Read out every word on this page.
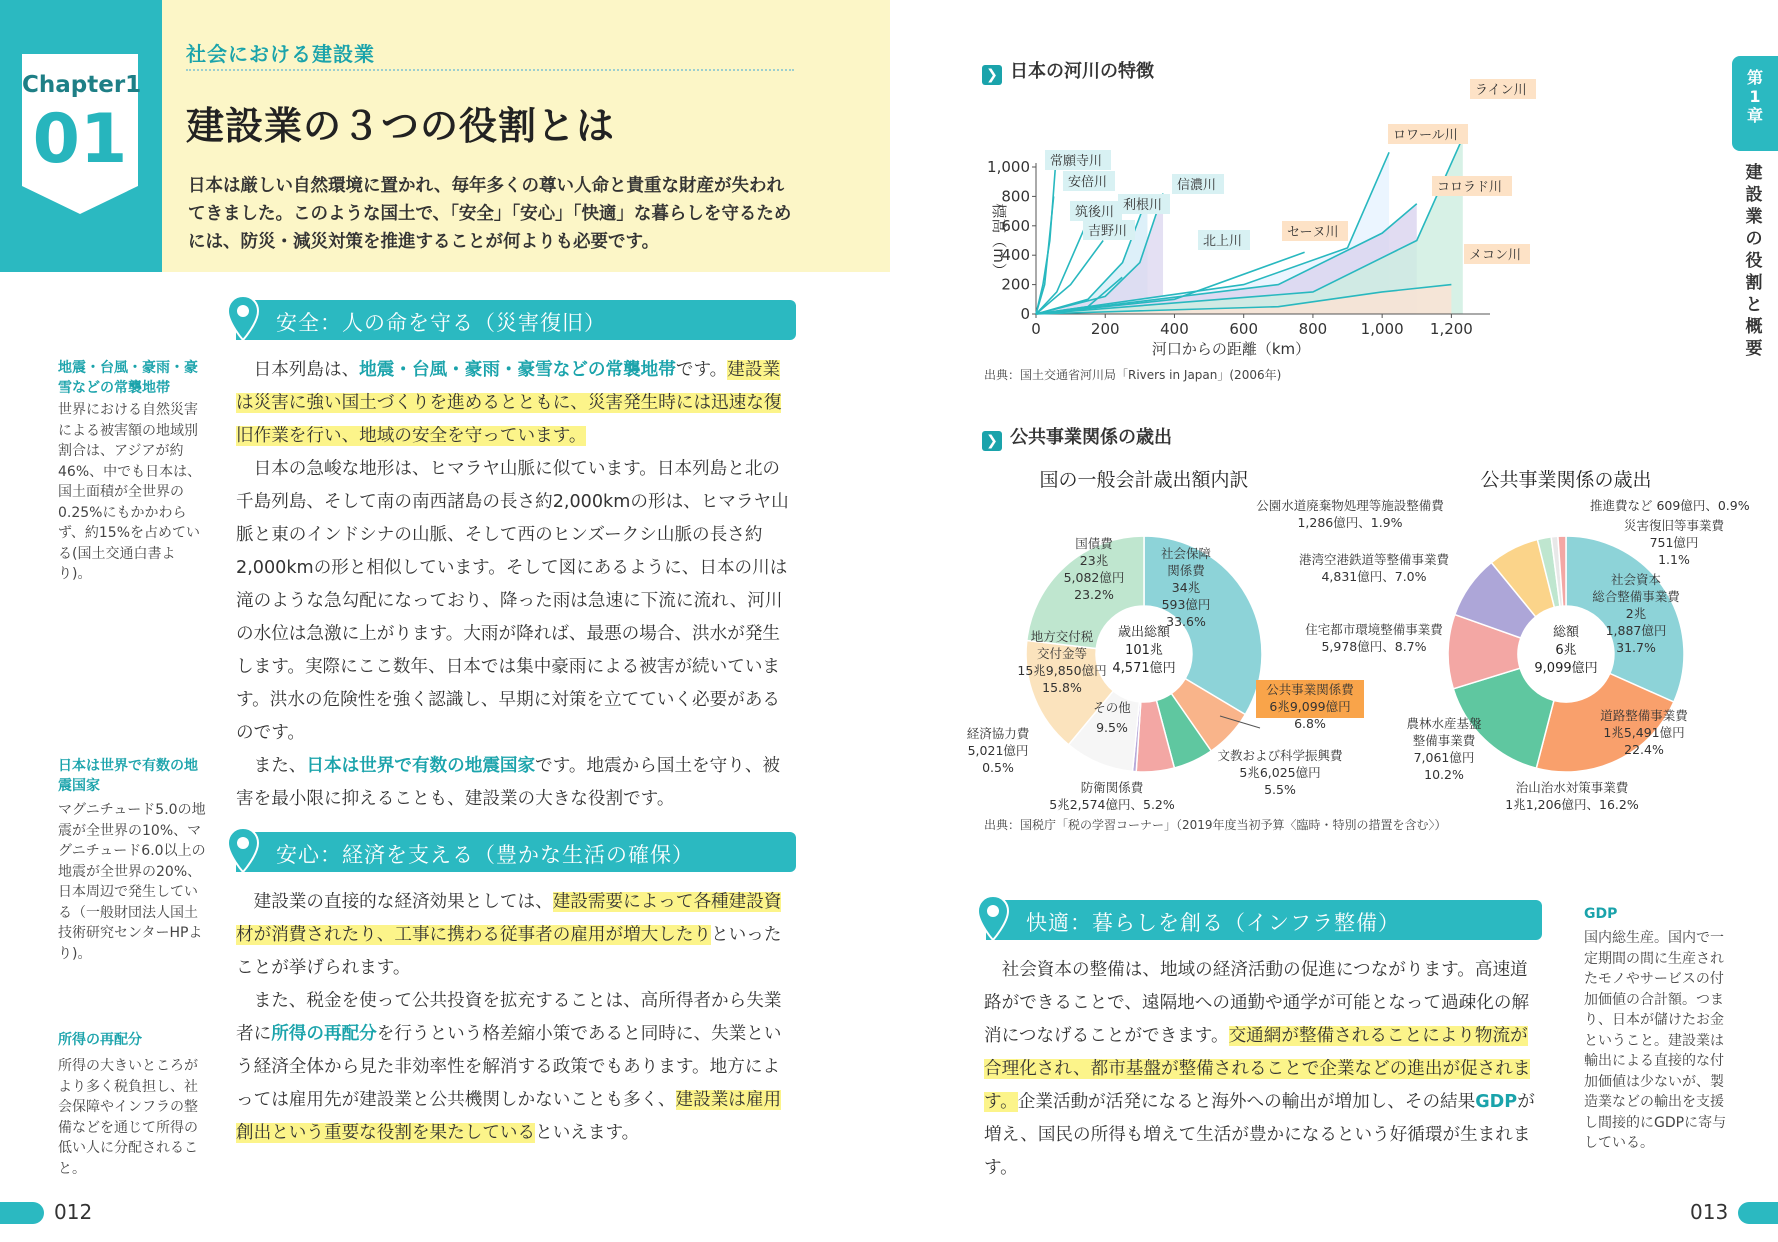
Chapter1
01
社会における建設業
建設業の３つの役割とは
日本は厳しい自然環境に置かれ、毎年多くの尊い人命と貴重な財産が失われてきました。このような国土で、「安全」「安心」「快適」な暮らしを守るためには、防災・減災対策を推進することが何よりも必要です。
安全：人の命を守る（災害復旧）

日本列島は、地震・台風・豪雨・豪雪などの常襲地帯です。建設業は災害に強い国土づくりを進めるとともに、災害発生時には迅速な復旧作業を行い、地域の安全を守っています。

日本の急峻な地形は、ヒマラヤ山脈に似ています。日本列島と北の千島列島、そして南の南西諸島の長さ約2,000kmの形は、ヒマラヤ山脈と東のインドシナの山脈、そして西のヒンズークシ山脈の長さ約2,000kmの形と相似しています。そして図にあるように、日本の川は滝のような急勾配になっており、降った雨は急速に下流に流れ、河川の水位は急激に上がります。大雨が降れば、最悪の場合、洪水が発生します。実際にここ数年、日本では集中豪雨による被害が続いています。洪水の危険性を強く認識し、早期に対策を立てていく必要があるのです。

また、日本は世界で有数の地震国家です。地震から国土を守り、被害を最小限に抑えることも、建設業の大きな役割です。

安心：経済を支える（豊かな生活の確保）

建設業の直接的な経済効果としては、建設需要によって各種建設資材が消費されたり、工事に携わる従事者の雇用が増大したりといったことが挙げられます。

また、税金を使って公共投資を拡充することは、高所得者から失業者に所得の再配分を行うという格差縮小策であると同時に、失業という経済全体から見た非効率性を解消する政策でもあります。地方によっては雇用先が建設業と公共機関しかないことも多く、建設業は雇用創出という重要な役割を果たしているといえます。

地震・台風・豪雨・豪雪などの常襲地帯
世界における自然災害による被害額の地域別割合は、アジアが約46%、中でも日本は、国土面積が全世界の0.25%にもかかわらず、約15%を占めている(国土交通白書より)。
日本は世界で有数の地震国家
マグニチュード5.0の地震が全世界の10%、マグニチュード6.0以上の地震が全世界の20%、日本周辺で発生している（一般財団法人国土技術研究センターHPより)。
所得の再配分
所得の大きいところがより多く税負担し、社会保障やインフラの整備などを通じて所得の低い人に分配されること。
012
第1章
建設業の役割と概要
❯ 日本の河川の特徴
0	200	400	600	800 1,000 1,200
0
200
400
600
800
1,000
河口からの距離（km）
標高（m）
常願寺川
安倍川
筑後川
吉野川
利根川
信濃川
北上川
セーヌ川
ロワール川
コロラド川
ライン川
メコン川
出典：国土交通省河川局「Rivers in Japan」(2006年)
❯ 公共事業関係の歳出
国の一般会計歳出額内訳
歳出総額
101兆
4,571億円
公共事業関係の歳出
総額
6兆
9,099億円
国債費
23兆
5,082億円
23.2%
社会保障
関係費
34兆
593億円
33.6%
地方交付税
交付金等
15兆9,850億円
15.8%
その他
9.5%
経済協力費
5,021億円
0.5%
公共事業関係費
6兆9,099億円
6.8%
文教および科学振興費
5兆6,025億円
5.5%
防衛関係費
5兆2,574億円、5.2%
公園水道廃棄物処理等施設整備費
1,286億円、1.9%
推進費など 609億円、0.9%
災害復旧等事業費
751億円
1.1%
港湾空港鉄道等整備事業費
4,831億円、7.0%	社会資本
総合整備事業費
2兆
1,887億円
31.7%
住宅都市環境整備事業費
5,978億円、8.7%
農林水産基盤
整備事業費
7,061億円
10.2%
道路整備事業費
1兆5,491億円
22.4%
治山治水対策事業費
1兆1,206億円、16.2%
出典：国税庁「税の学習コーナー」（2019年度当初予算〈臨時・特別の措置を含む〉）
快適：暮らしを創る（インフラ整備）

社会資本の整備は、地域の経済活動の促進につながります。高速道路ができることで、遠隔地への通勤や通学が可能となって過疎化の解消につなげることができます。交通網が整備されることにより物流が合理化され、都市基盤が整備されることで企業などの進出が促されます。企業活動が活発になると海外への輸出が増加し、その結果GDPが増え、国民の所得も増えて生活が豊かになるという好循環が生まれます。

GDP
国内総生産。国内で一定期間の間に生産されたモノやサービスの付加価値の合計額。つまり、日本が儲けたお金ということ。建設業は輸出による直接的な付加価値は少ないが、製造業などの輸出を支援し間接的にGDPに寄与している。
013
